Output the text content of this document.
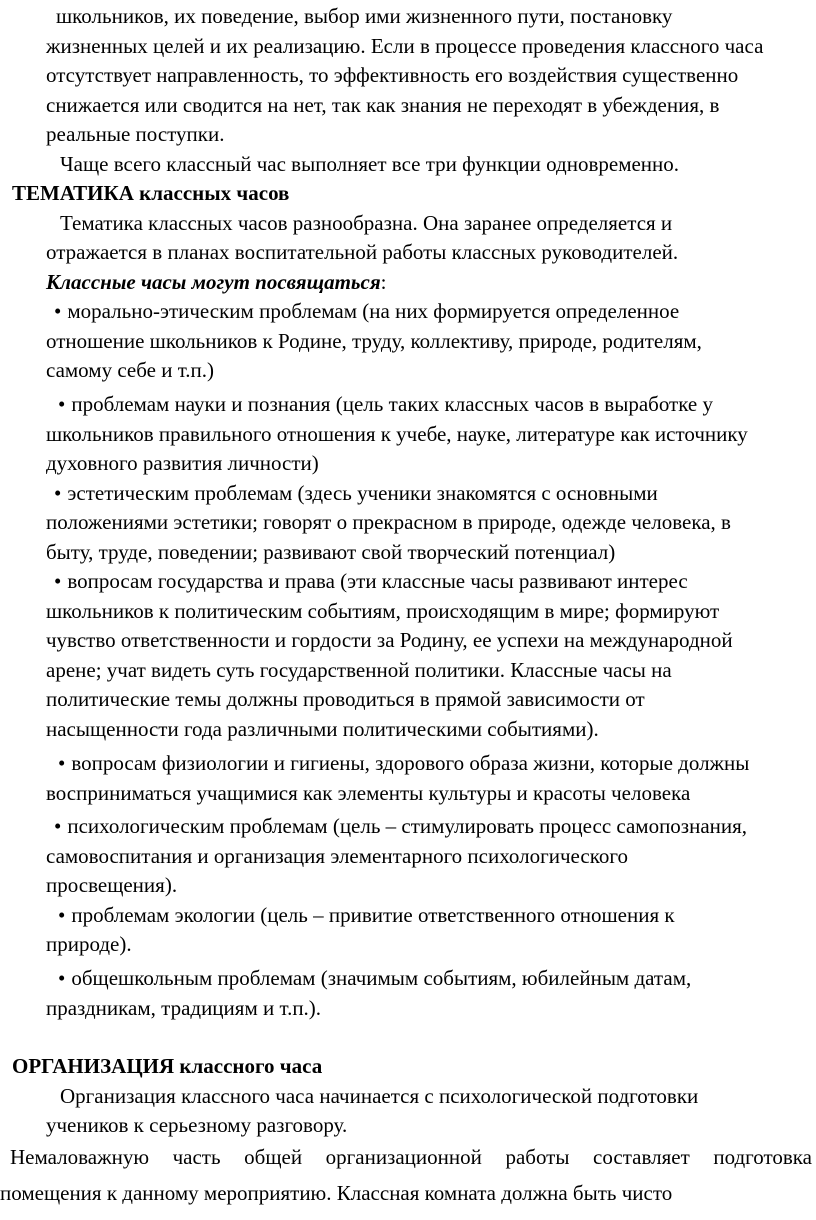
школьников, их поведение, выбор ими жизненного пути, постановку
жизненных целей и их реализацию. Если в процессе проведения классного часа
отсутствует направленность, то эффективность его воздействия существенно
снижается или сводится на нет, так как знания не переходят в убеждения, в
реальные поступки.
Чаще всего классный час выполняет все три функции одновременно.
ТЕМАТИКА классных часов
Тематика классных часов разнообразна. Она заранее определяется и
отражается в планах воспитательной работы классных руководителей.
Классные часы могут посвящаться:
• морально-этическим проблемам (на них формируется определенное
отношение школьников к Родине, труду, коллективу, природе, родителям,
самому себе и т.п.)
• проблемам науки и познания (цель таких классных часов в выработке у
школьников правильного отношения к учебе, науке, литературе как источнику
духовного развития личности)
• эстетическим проблемам (здесь ученики знакомятся с основными
положениями эстетики; говорят о прекрасном в природе, одежде человека, в
быту, труде, поведении; развивают свой творческий потенциал)
• вопросам государства и права (эти классные часы развивают интерес
школьников к политическим событиям, происходящим в мире; формируют
чувство ответственности и гордости за Родину, ее успехи на международной
арене; учат видеть суть государственной политики. Классные часы на
политические темы должны проводиться в прямой зависимости от
насыщенности года различными политическими событиями).
• вопросам физиологии и гигиены, здорового образа жизни, которые должны
восприниматься учащимися как элементы культуры и красоты человека
• психологическим проблемам (цель – стимулировать процесс самопознания,
самовоспитания и организация элементарного психологического
просвещения).
• проблемам экологии (цель – привитие ответственного отношения к
природе).
• общешкольным проблемам (значимым событиям, юбилейным датам,
праздникам, традициям и т.п.).
ОРГАНИЗАЦИЯ классного часа
Организация классного часа начинается с психологической подготовки
учеников к серьезному разговору.
Немаловажную часть общей организационной работы составляет подготовка
помещения к данному мероприятию. Классная комната должна быть чисто
